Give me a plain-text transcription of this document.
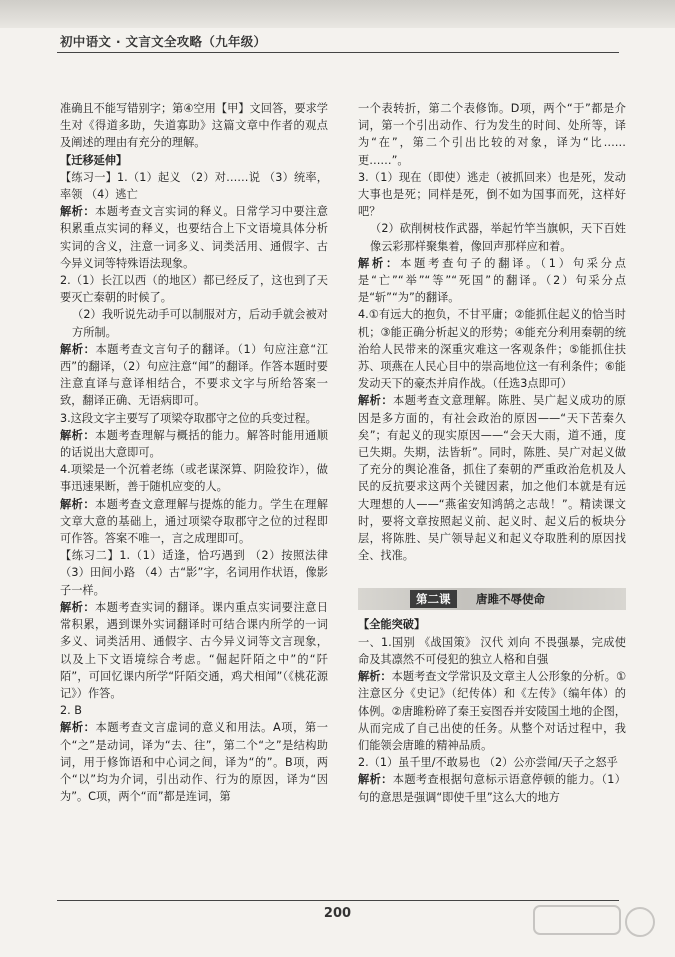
初中语文 · 文言文全攻略（九年级）

准确且不能写错别字；第④空用【甲】文回答，要求学生对《得道多助，失道寡助》这篇文章中作者的观点及阐述的理由有充分的理解。

【迁移延伸】

【练习一】1.（1）起义 （2）对……说 （3）统率，率领 （4）逃亡

解析：本题考查文言实词的释义。日常学习中要注意积累重点实词的释义，也要结合上下文语境具体分析实词的含义，注意一词多义、词类活用、通假字、古今异义词等特殊语法现象。

2.（1）长江以西（的地区）都已经反了，这也到了天要灭亡秦朝的时候了。

（2）我听说先动手可以制服对方，后动手就会被对方所制。

解析：本题考查文言句子的翻译。（1）句应注意“江西”的翻译，（2）句应注意“闻”的翻译。作答本题时要注意直译与意译相结合，不要求文字与所给答案一致，翻译正确、无语病即可。

3.这段文字主要写了项梁夺取郡守之位的兵变过程。

解析：本题考查理解与概括的能力。解答时能用通顺的话说出大意即可。

4.项梁是一个沉着老练（或老谋深算、阴险狡诈），做事迅速果断，善于随机应变的人。

解析：本题考查文意理解与提炼的能力。学生在理解文章大意的基础上，通过项梁夺取郡守之位的过程即可作答。答案不唯一，言之成理即可。

【练习二】1.（1）适逢，恰巧遇到 （2）按照法律 （3）田间小路 （4）古“影”字，名词用作状语，像影子一样。

解析：本题考查实词的翻译。课内重点实词要注意日常积累，遇到课外实词翻译时可结合课内所学的一词多义、词类活用、通假字、古今异义词等文言现象，以及上下文语境综合考虑。“倔起阡陌之中”的“阡陌”，可回忆课内所学“阡陌交通，鸡犬相闻”（《桃花源记》）作答。

2. B

解析：本题考查文言虚词的意义和用法。A项，第一个“之”是动词，译为“去、往”，第二个“之”是结构助词，用于修饰语和中心词之间，译为“的”。B项，两个“以”均为介词，引出动作、行为的原因，译为“因为”。C项，两个“而”都是连词，第

一个表转折，第二个表修饰。D项，两个“于”都是介词，第一个引出动作、行为发生的时间、处所等，译为“在”，第二个引出比较的对象，译为“比……更……”。

3.（1）现在（即使）逃走（被抓回来）也是死，发动大事也是死；同样是死，倒不如为国事而死，这样好吧？

（2）砍削树枝作武器，举起竹竿当旗帜，天下百姓像云彩那样聚集着，像回声那样应和着。

解析：本题考查句子的翻译。（1）句采分点是“亡”“举”“等”“死国”的翻译。（2）句采分点是“斩”“为”的翻译。

4.①有远大的抱负，不甘平庸；②能抓住起义的恰当时机；③能正确分析起义的形势；④能充分利用秦朝的统治给人民带来的深重灾难这一客观条件；⑤能抓住扶苏、项燕在人民心目中的崇高地位这一有利条件；⑥能发动天下的豪杰并肩作战。（任选3点即可）

解析：本题考查文意理解。陈胜、吴广起义成功的原因是多方面的，有社会政治的原因——“天下苦秦久矣”；有起义的现实原因——“会天大雨，道不通，度已失期。失期，法皆斩”。同时，陈胜、吴广对起义做了充分的舆论准备，抓住了秦朝的严重政治危机及人民的反抗要求这两个关键因素，加之他们本就是有远大理想的人——“燕雀安知鸿鹄之志哉！”。精读课文时，要将文章按照起义前、起义时、起义后的板块分层，将陈胜、吴广领导起义和起义夺取胜利的原因找全、找准。

第二课	唐雎不辱使命

【全能突破】

一、1.国别 《战国策》 汉代 刘向 不畏强暴，完成使命及其凛然不可侵犯的独立人格和自强

解析：本题考查文学常识及文章主人公形象的分析。①注意区分《史记》（纪传体）和《左传》（编年体）的体例。②唐雎粉碎了秦王妄图吞并安陵国土地的企图，从而完成了自己出使的任务。从整个对话过程中，我们能领会唐雎的精神品质。

2.（1）虽千里/不敢易也 （2）公亦尝闻/天子之怒乎

解析：本题考查根据句意标示语意停顿的能力。（1）句的意思是强调“即使千里”这么大的地方

200
